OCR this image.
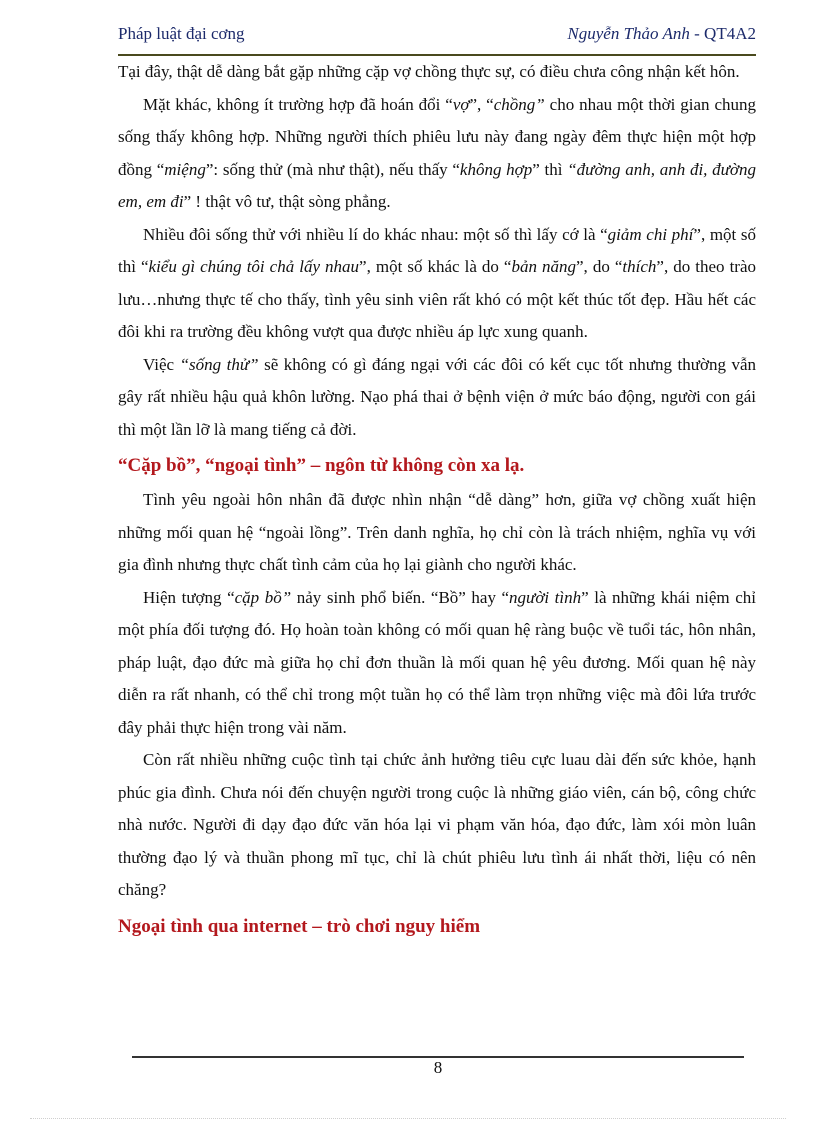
Pháp luật đại cơng	Nguyễn Thảo Anh - QT4A2

Tại đây, thật dễ dàng bắt gặp những cặp vợ chồng thực sự, có điều chưa công nhận kết hôn.

Mặt khác, không ít trường hợp đã hoán đổi “vợ”, “chồng” cho nhau một thời gian chung sống thấy không hợp. Những người thích phiêu lưu này đang ngày đêm thực hiện một hợp đồng “miệng”: sống thử (mà như thật), nếu thấy “không hợp” thì “đường anh, anh đi, đường em, em đi” ! thật vô tư, thật sòng phẳng.

Nhiều đôi sống thử với nhiều lí do khác nhau: một số thì lấy cớ là “giảm chi phí”, một số thì “kiểu gì chúng tôi chả lấy nhau”, một số khác là do “bản năng”, do “thích”, do theo trào lưu…nhưng thực tế cho thấy, tình yêu sinh viên rất khó có một kết thúc tốt đẹp. Hầu hết các đôi khi ra trường đều không vượt qua được nhiều áp lực xung quanh.

Việc “sống thử” sẽ không có gì đáng ngại với các đôi có kết cục tốt nhưng thường vẫn gây rất nhiều hậu quả khôn lường. Nạo phá thai ở bệnh viện ở mức báo động, người con gái thì một lần lỡ là mang tiếng cả đời.

“Cặp bồ”, “ngoại tình” – ngôn từ không còn xa lạ.

Tình yêu ngoài hôn nhân đã được nhìn nhận “dễ dàng” hơn, giữa vợ chồng xuất hiện những mối quan hệ “ngoài lồng”. Trên danh nghĩa, họ chỉ còn là trách nhiệm, nghĩa vụ với gia đình nhưng thực chất tình cảm của họ lại giành cho người khác.

Hiện tượng “cặp bồ” nảy sinh phổ biến. “Bồ” hay “người tình” là những khái niệm chỉ một phía đối tượng đó. Họ hoàn toàn không có mối quan hệ ràng buộc về tuổi tác, hôn nhân, pháp luật, đạo đức mà giữa họ chỉ đơn thuần là mối quan hệ yêu đương. Mối quan hệ này diễn ra rất nhanh, có thể chỉ trong một tuần họ có thể làm trọn những việc mà đôi lứa trước đây phải thực hiện trong vài năm.

Còn rất nhiều những cuộc tình tại chức ảnh hưởng tiêu cực luau dài đến sức khỏe, hạnh phúc gia đình. Chưa nói đến chuyện người trong cuộc là những giáo viên, cán bộ, công chức nhà nước. Người đi dạy đạo đức văn hóa lại vi phạm văn hóa, đạo đức, làm xói mòn luân thường đạo lý và thuần phong mĩ tục, chỉ là chút phiêu lưu tình ái nhất thời, liệu có nên chăng?

Ngoại tình qua internet – trò chơi nguy hiểm
8
